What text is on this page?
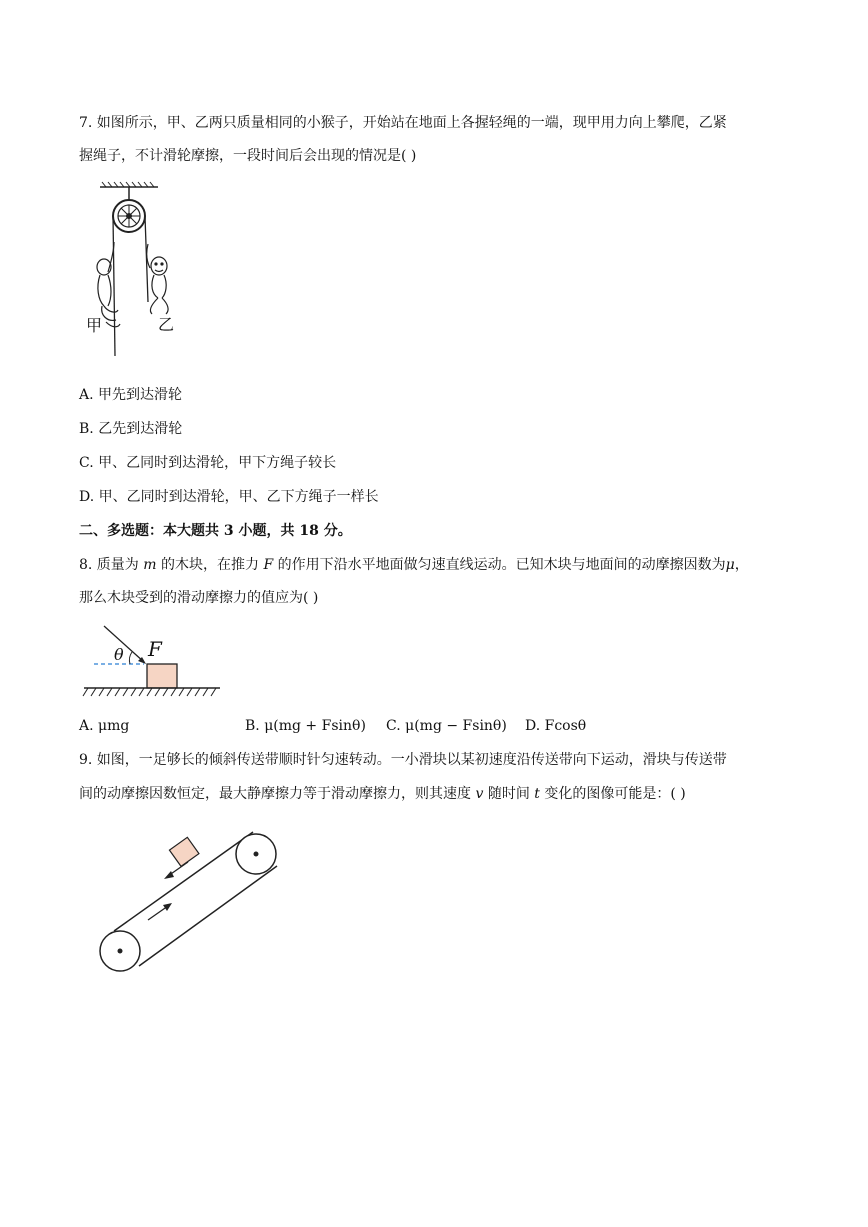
7. 如图所示，甲、乙两只质量相同的小猴子，开始站在地面上各握轻绳的一端，现甲用力向上攀爬，乙紧
握绳子，不计滑轮摩擦，一段时间后会出现的情况是( )
甲	乙
A. 甲先到达滑轮
B. 乙先到达滑轮
C. 甲、乙同时到达滑轮，甲下方绳子较长
D. 甲、乙同时到达滑轮，甲、乙下方绳子一样长
二、多选题：本大题共 3 小题，共 18 分。
8. 质量为 m 的木块，在推力 F 的作用下沿水平地面做匀速直线运动。已知木块与地面间的动摩擦因数为μ，
那么木块受到的滑动摩擦力的值应为( )
θ F
A. μmg	B. μ(mg + Fsinθ) C. μ(mg − Fsinθ) D. Fcosθ
9. 如图，一足够长的倾斜传送带顺时针匀速转动。一小滑块以某初速度沿传送带向下运动，滑块与传送带
间的动摩擦因数恒定，最大静摩擦力等于滑动摩擦力，则其速度 v 随时间 t 变化的图像可能是：( )
